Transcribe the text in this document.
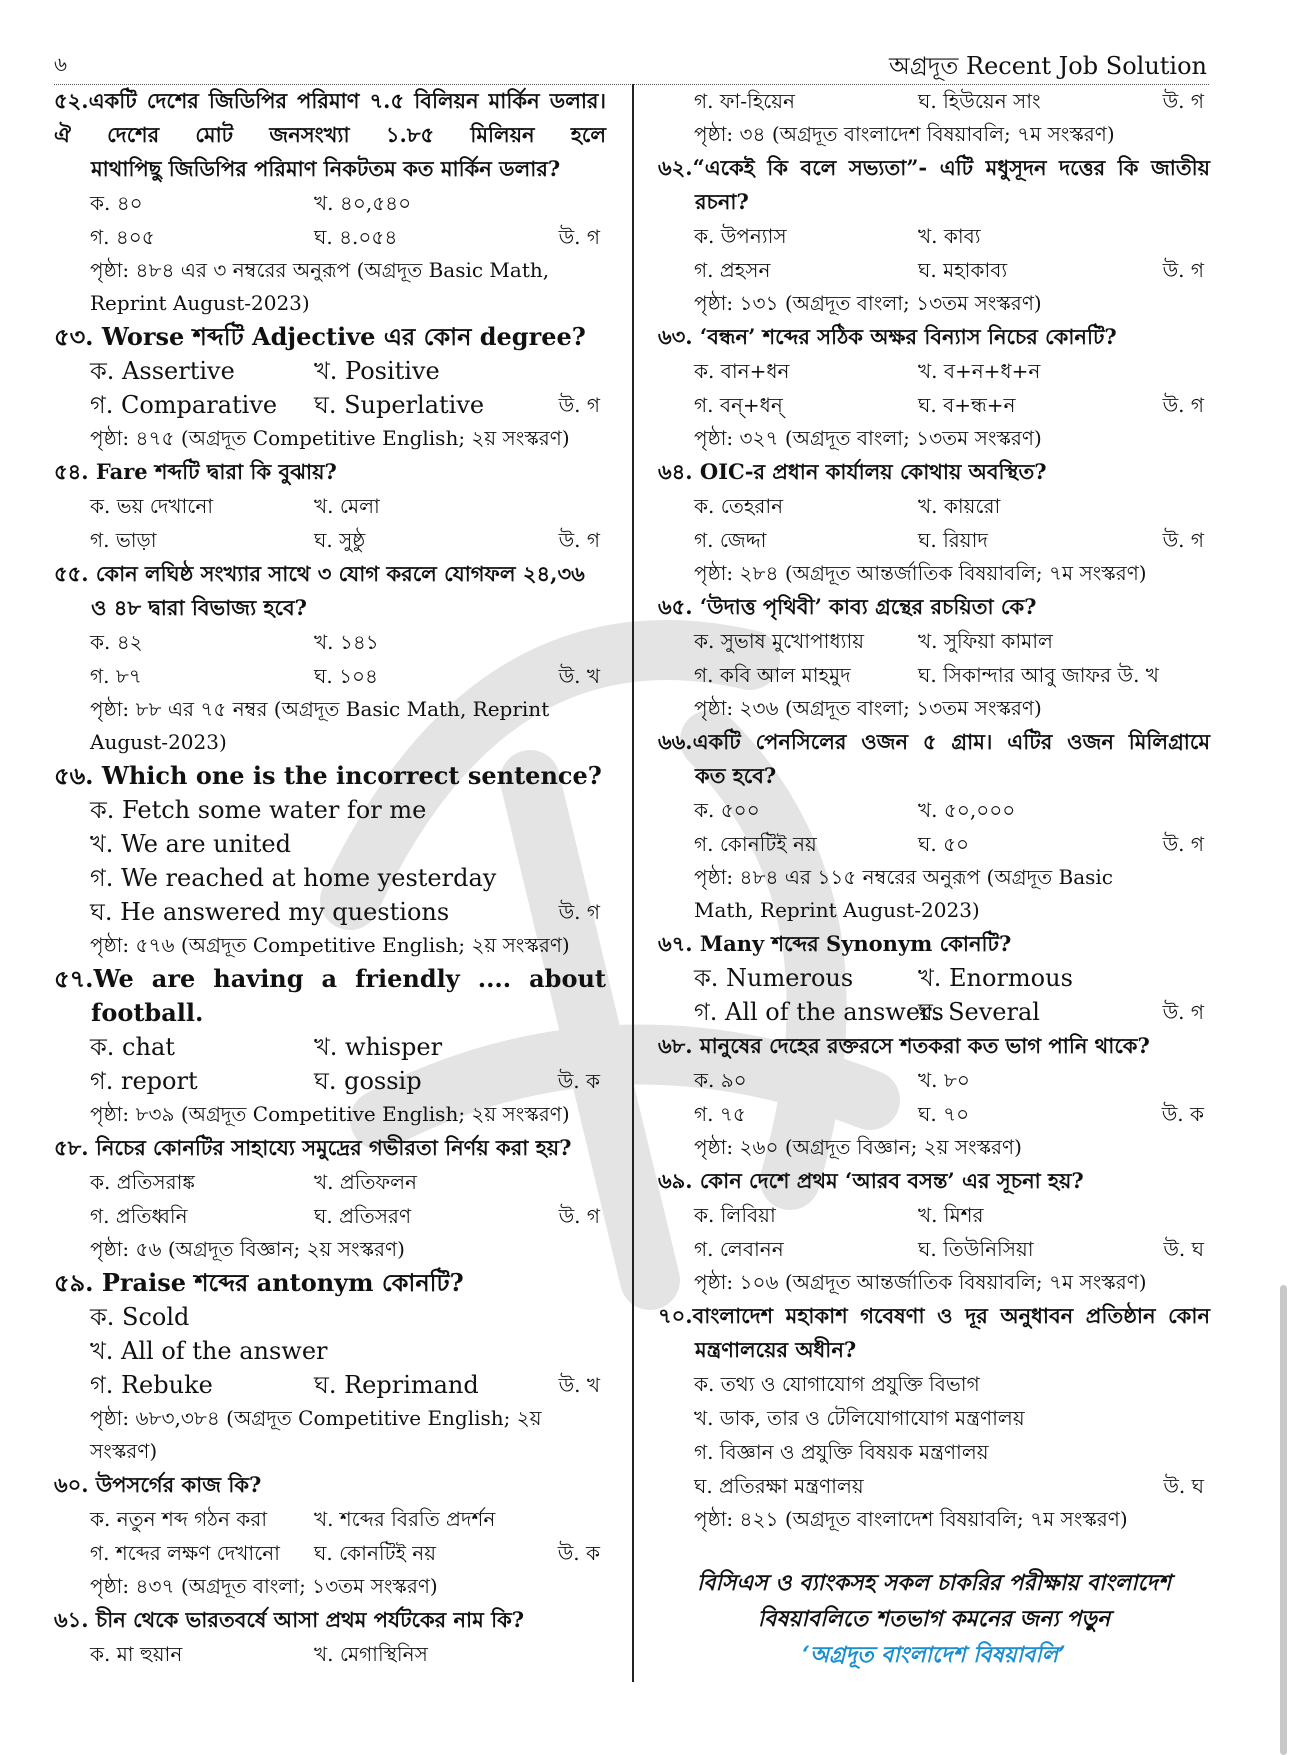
৬	অগ্রদূত Recent Job Solution
৫২.একটি দেশের জিডিপির পরিমাণ ৭.৫ বিলিয়ন মার্কিন ডলার। ঐ দেশের মোট জনসংখ্যা ১.৮৫ মিলিয়ন হলে
মাথাপিছু জিডিপির পরিমাণ নিকটতম কত মার্কিন ডলার?
ক. ৪০	খ. ৪০,৫৪০
গ. ৪০৫	ঘ. ৪.০৫৪	উ. গ
পৃষ্ঠা: ৪৮৪ এর ৩ নম্বরের অনুরূপ (অগ্রদূত Basic Math,
Reprint August-2023)
৫৩. Worse শব্দটি Adjective এর কোন degree?
ক. Assertive	খ. Positive
গ. Comparative ঘ. Superlative	উ. গ
পৃষ্ঠা: ৪৭৫ (অগ্রদূত Competitive English; ২য় সংস্করণ)
৫৪. Fare শব্দটি দ্বারা কি বুঝায়?
ক. ভয় দেখানো	খ. মেলা
গ. ভাড়া	ঘ. সুষ্ঠু	উ. গ
৫৫. কোন লঘিষ্ঠ সংখ্যার সাথে ৩ যোগ করলে যোগফল ২৪,৩৬
ও ৪৮ দ্বারা বিভাজ্য হবে?
ক. ৪২	খ. ১৪১
গ. ৮৭	ঘ. ১০৪	উ. খ
পৃষ্ঠা: ৮৮ এর ৭৫ নম্বর (অগ্রদূত Basic Math, Reprint
August-2023)
৫৬. Which one is the incorrect sentence?
ক. Fetch some water for me
খ. We are united
গ. We reached at home yesterday
ঘ. He answered my questions	উ. গ
পৃষ্ঠা: ৫৭৬ (অগ্রদূত Competitive English; ২য় সংস্করণ)
৫৭.We are having a friendly .... about
football.
ক. chat	খ. whisper
গ. report	ঘ. gossip	উ. ক
পৃষ্ঠা: ৮৩৯ (অগ্রদূত Competitive English; ২য় সংস্করণ)
৫৮. নিচের কোনটির সাহায্যে সমুদ্রের গভীরতা নির্ণয় করা হয়?
ক. প্রতিসরাঙ্ক	খ. প্রতিফলন
গ. প্রতিধ্বনি	ঘ. প্রতিসরণ	উ. গ
পৃষ্ঠা: ৫৬ (অগ্রদূত বিজ্ঞান; ২য় সংস্করণ)
৫৯. Praise শব্দের antonym কোনটি?
ক. Scold
খ. All of the answer
গ. Rebuke	ঘ. Reprimand	উ. খ
পৃষ্ঠা: ৬৮৩,৩৮৪ (অগ্রদূত Competitive English; ২য় সংস্করণ)
৬০. উপসর্গের কাজ কি?
ক. নতুন শব্দ গঠন করা খ. শব্দের বিরতি প্রদর্শন
গ. শব্দের লক্ষণ দেখানো ঘ. কোনটিই নয়	উ. ক
পৃষ্ঠা: ৪৩৭ (অগ্রদূত বাংলা; ১৩তম সংস্করণ)
৬১. চীন থেকে ভারতবর্ষে আসা প্রথম পর্যটকের নাম কি?
ক. মা হুয়ান	খ. মেগাস্থিনিস
গ. ফা-হিয়েন	ঘ. হিউয়েন সাং	উ. গ
পৃষ্ঠা: ৩৪ (অগ্রদূত বাংলাদেশ বিষয়াবলি; ৭ম সংস্করণ)
৬২.“একেই কি বলে সভ্যতা”- এটি মধুসূদন দত্তের কি জাতীয়
রচনা?
ক. উপন্যাস	খ. কাব্য
গ. প্রহসন	ঘ. মহাকাব্য	উ. গ
পৃষ্ঠা: ১৩১ (অগ্রদূত বাংলা; ১৩তম সংস্করণ)
৬৩. ‘বন্ধন’ শব্দের সঠিক অক্ষর বিন্যাস নিচের কোনটি?
ক. বান+ধন	খ. ব+ন+ধ+ন
গ. বন্+ধন্	ঘ. ব+ন্ধ+ন	উ. গ
পৃষ্ঠা: ৩২৭ (অগ্রদূত বাংলা; ১৩তম সংস্করণ)
৬৪. OIC-র প্রধান কার্যালয় কোথায় অবস্থিত?
ক. তেহরান	খ. কায়রো
গ. জেদ্দা	ঘ. রিয়াদ	উ. গ
পৃষ্ঠা: ২৮৪ (অগ্রদূত আন্তর্জাতিক বিষয়াবলি; ৭ম সংস্করণ)
৬৫. ‘উদাত্ত পৃথিবী’ কাব্য গ্রন্থের রচয়িতা কে?
ক. সুভাষ মুখোপাধ্যায়	খ. সুফিয়া কামাল
গ. কবি আল মাহমুদ	ঘ. সিকান্দার আবু জাফর উ. খ
পৃষ্ঠা: ২৩৬ (অগ্রদূত বাংলা; ১৩তম সংস্করণ)
৬৬.একটি পেনসিলের ওজন ৫ গ্রাম। এটির ওজন মিলিগ্রামে
কত হবে?
ক. ৫০০	খ. ৫০,০০০
গ. কোনটিই নয়	ঘ. ৫০	উ. গ
পৃষ্ঠা: ৪৮৪ এর ১১৫ নম্বরের অনুরূপ (অগ্রদূত Basic
Math, Reprint August-2023)
৬৭. Many শব্দের Synonym কোনটি?
ক. Numerous	খ. Enormous
গ. All of the answers
ঘ. Several	উ. গ
৬৮. মানুষের দেহের রক্তরসে শতকরা কত ভাগ পানি থাকে?
ক. ৯০	খ. ৮০
গ. ৭৫	ঘ. ৭০	উ. ক
পৃষ্ঠা: ২৬০ (অগ্রদূত বিজ্ঞান; ২য় সংস্করণ)
৬৯. কোন দেশে প্রথম ‘আরব বসন্ত’ এর সূচনা হয়?
ক. লিবিয়া	খ. মিশর
গ. লেবানন	ঘ. তিউনিসিয়া	উ. ঘ
পৃষ্ঠা: ১০৬ (অগ্রদূত আন্তর্জাতিক বিষয়াবলি; ৭ম সংস্করণ)
৭০.বাংলাদেশ মহাকাশ গবেষণা ও দূর অনুধাবন প্রতিষ্ঠান কোন
মন্ত্রণালয়ের অধীন?
ক. তথ্য ও যোগাযোগ প্রযুক্তি বিভাগ
খ. ডাক, তার ও টেলিযোগাযোগ মন্ত্রণালয়
গ. বিজ্ঞান ও প্রযুক্তি বিষয়ক মন্ত্রণালয়
ঘ. প্রতিরক্ষা মন্ত্রণালয়	উ. ঘ
পৃষ্ঠা: ৪২১ (অগ্রদূত বাংলাদেশ বিষয়াবলি; ৭ম সংস্করণ)
বিসিএস ও ব্যাংকসহ সকল চাকরির পরীক্ষায় বাংলাদেশ
বিষয়াবলিতে শতভাগ কমনের জন্য পড়ুন
‘অগ্রদূত বাংলাদেশ বিষয়াবলি’
